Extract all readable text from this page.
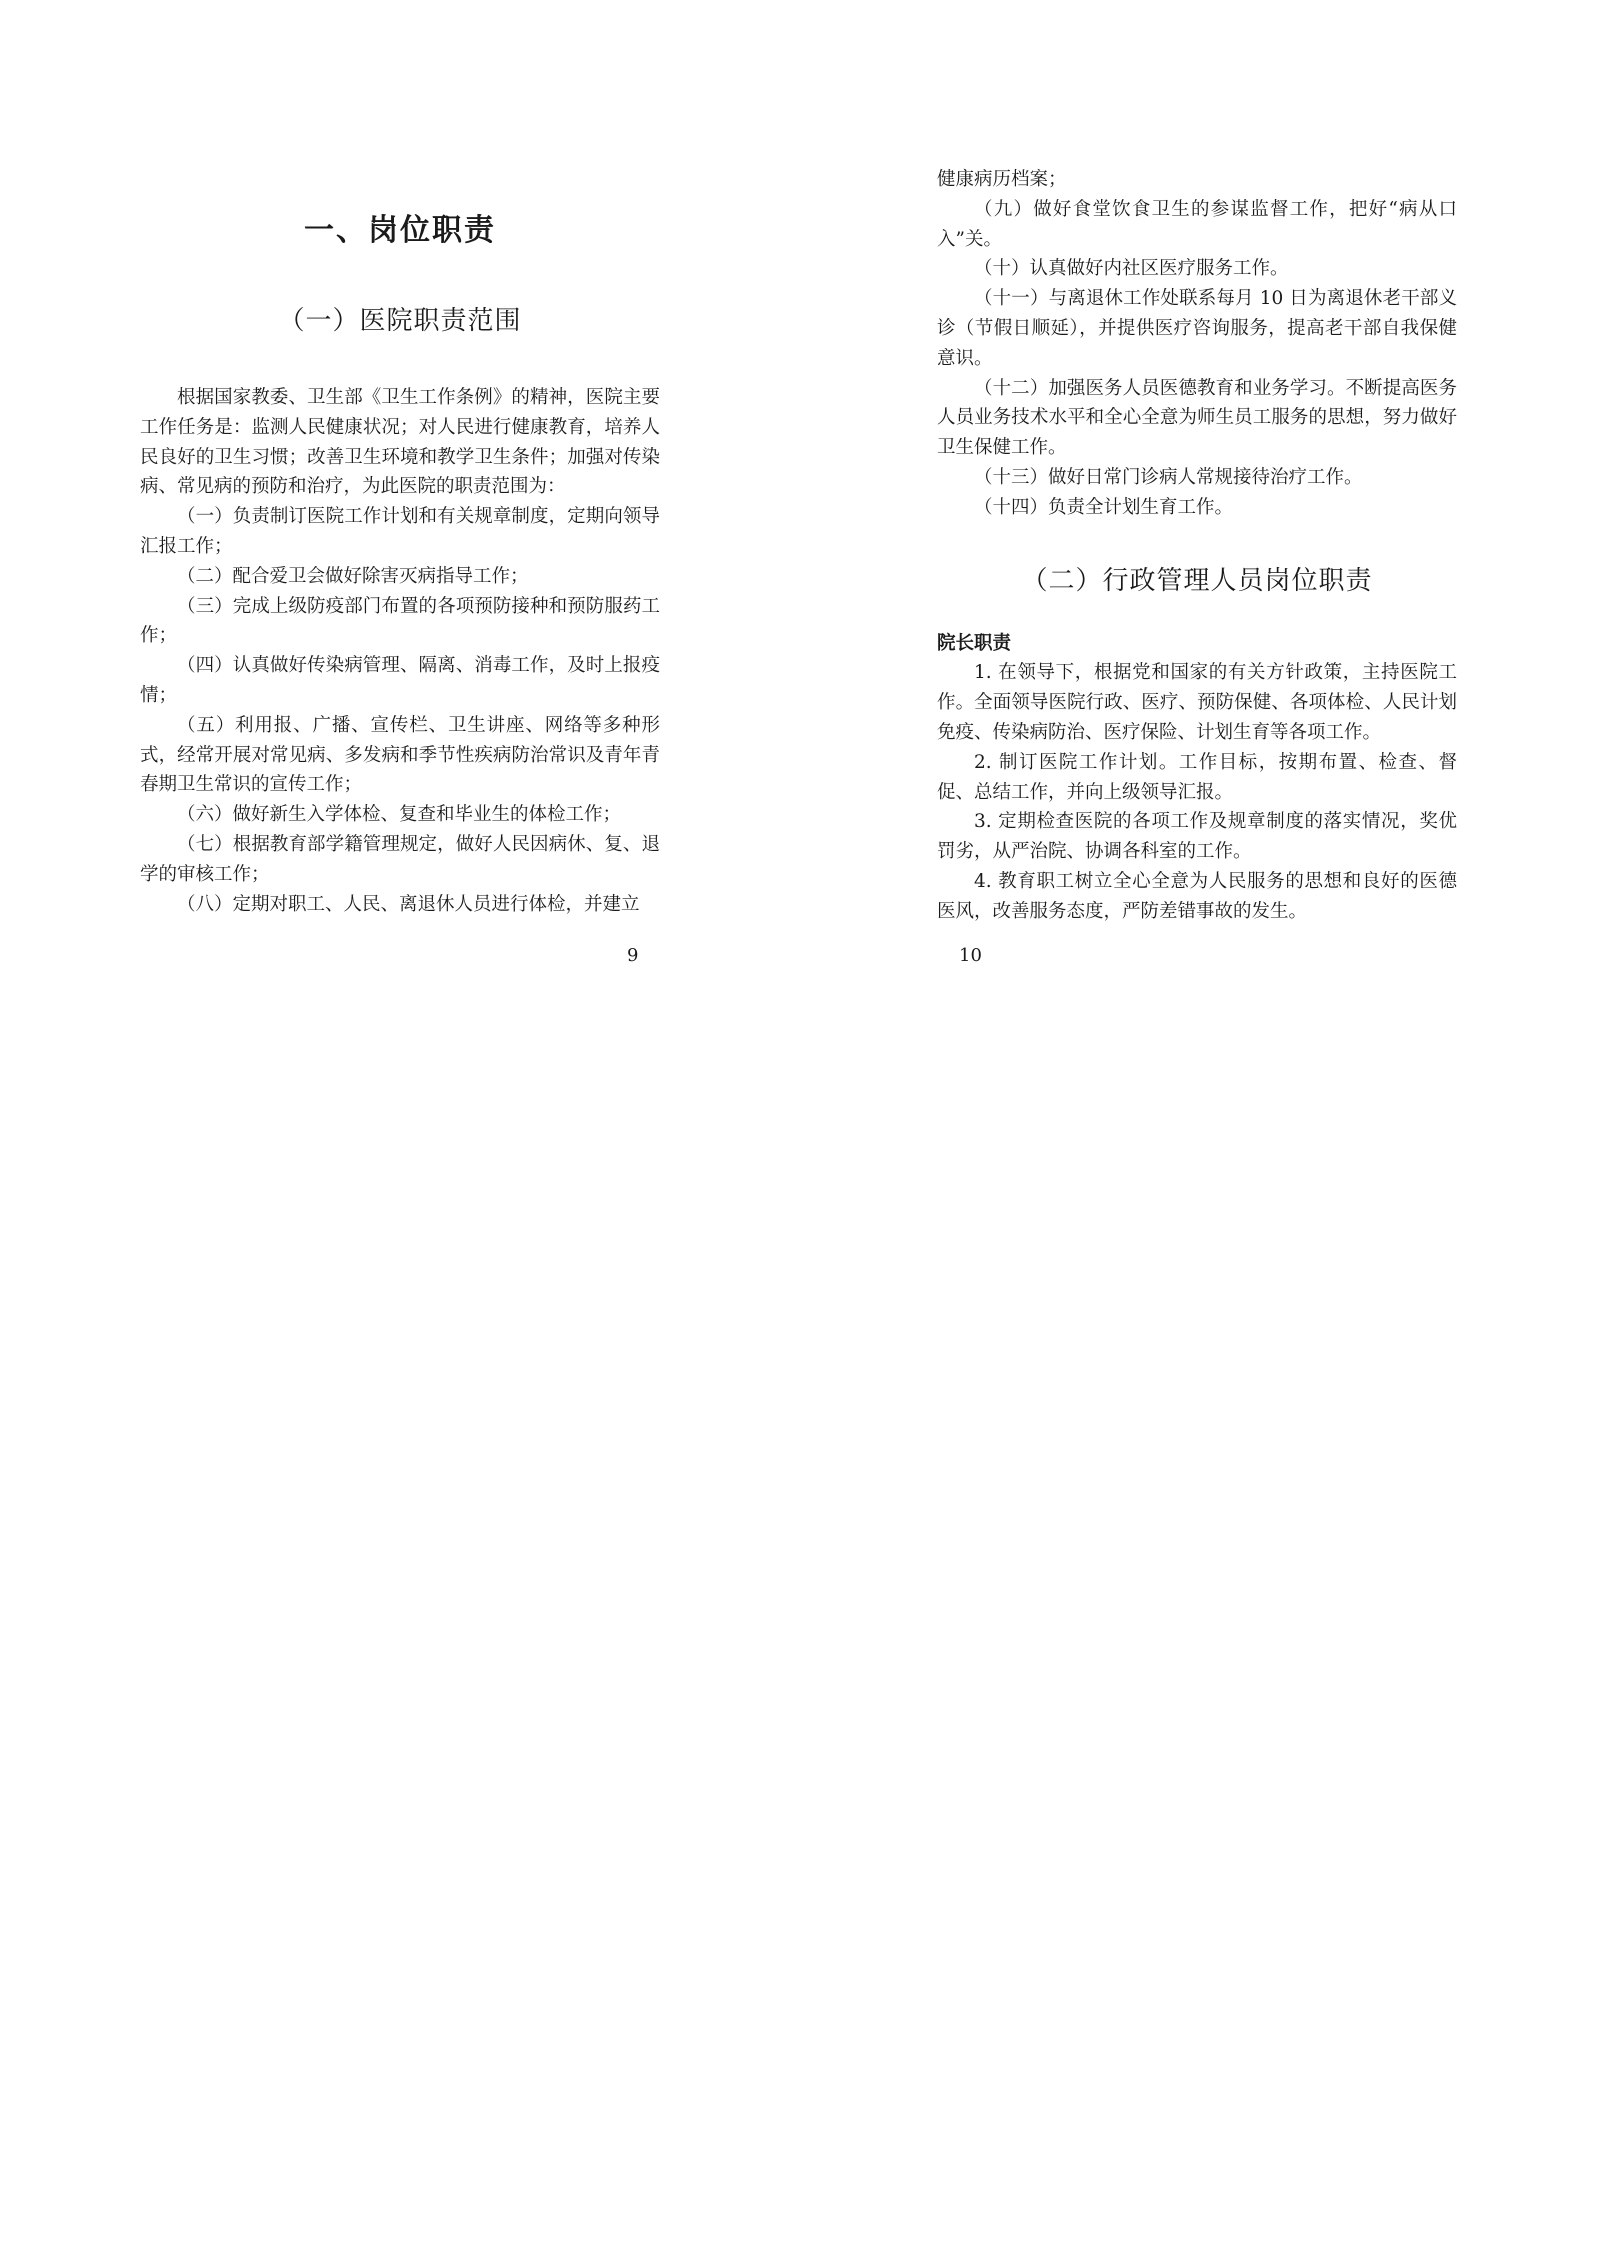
一、岗位职责
（一）医院职责范围

根据国家教委、卫生部《卫生工作条例》的精神，医院主要工作任务是：监测人民健康状况；对人民进行健康教育，培养人民良好的卫生习惯；改善卫生环境和教学卫生条件；加强对传染病、常见病的预防和治疗，为此医院的职责范围为：

（一）负责制订医院工作计划和有关规章制度，定期向领导汇报工作；

（二）配合爱卫会做好除害灭病指导工作；

（三）完成上级防疫部门布置的各项预防接种和预防服药工作；

（四）认真做好传染病管理、隔离、消毒工作，及时上报疫情；

（五）利用报、广播、宣传栏、卫生讲座、网络等多种形式，经常开展对常见病、多发病和季节性疾病防治常识及青年青春期卫生常识的宣传工作；

（六）做好新生入学体检、复查和毕业生的体检工作；

（七）根据教育部学籍管理规定，做好人民因病休、复、退学的审核工作；

（八）定期对职工、人民、离退休人员进行体检，并建立

9

健康病历档案；

（九）做好食堂饮食卫生的参谋监督工作，把好“病从口入”关。

（十）认真做好内社区医疗服务工作。

（十一）与离退休工作处联系每月 10 日为离退休老干部义诊（节假日顺延），并提供医疗咨询服务，提高老干部自我保健意识。

（十二）加强医务人员医德教育和业务学习。不断提高医务人员业务技术水平和全心全意为师生员工服务的思想，努力做好卫生保健工作。

（十三）做好日常门诊病人常规接待治疗工作。

（十四）负责全计划生育工作。

（二）行政管理人员岗位职责
院长职责

1. 在领导下，根据党和国家的有关方针政策，主持医院工作。全面领导医院行政、医疗、预防保健、各项体检、人民计划免疫、传染病防治、医疗保险、计划生育等各项工作。

2. 制订医院工作计划。工作目标，按期布置、检查、督促、总结工作，并向上级领导汇报。

3. 定期检查医院的各项工作及规章制度的落实情况，奖优罚劣，从严治院、协调各科室的工作。

4. 教育职工树立全心全意为人民服务的思想和良好的医德医风，改善服务态度，严防差错事故的发生。

10
